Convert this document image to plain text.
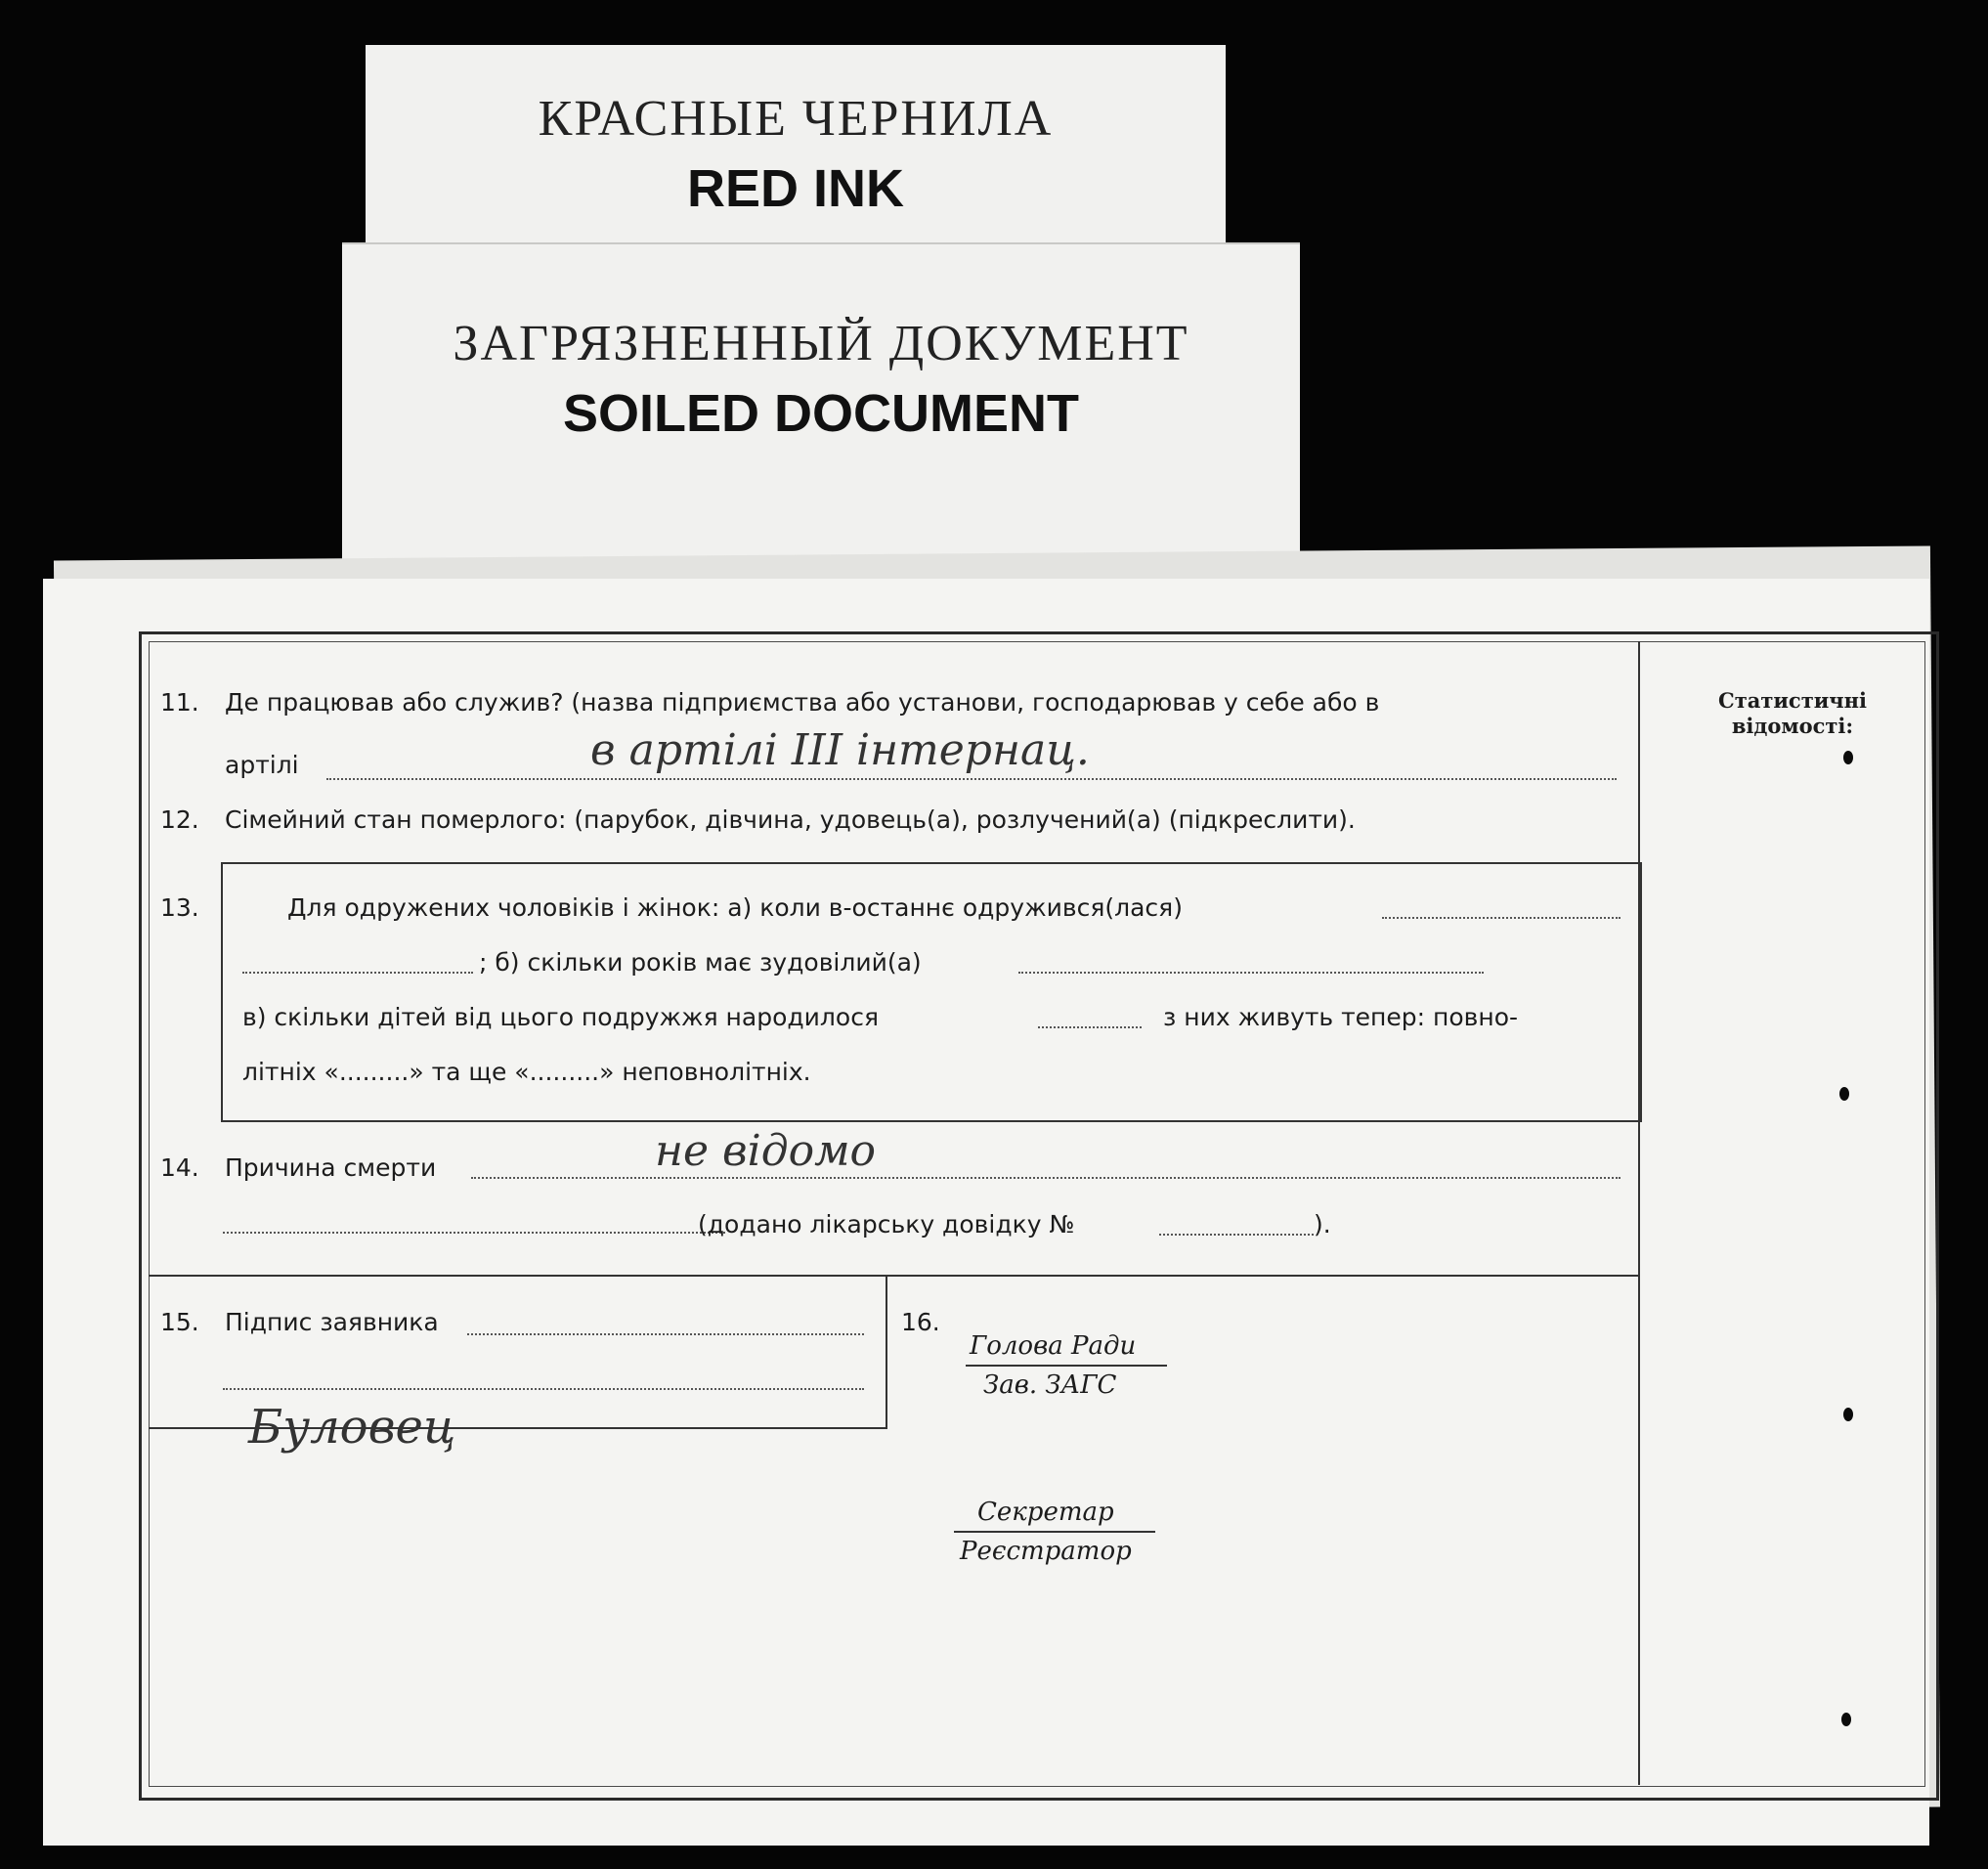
КРАСНЫЕ ЧЕРНИЛА
RED INK
ЗАГРЯЗНЕННЫЙ ДОКУМЕНТ
SOILED DOCUMENT
Статистичні відомості:
11. Де працював або служив? (назва підприємства або установи, господарював у себе або в
артілі	в артілі III інтернац.
12. Сімейний стан померлого: (парубок, дівчина, удовець(а), розлучений(а) (підкреслити).
13.	Для одружених чоловіків і жінок: а) коли в-останнє одружився(лася)
; б) скільки років має зудовілий(а)
в) скільки дітей від цього подружжя народилося	з них живуть тепер: повно-
літніх «.........» та ще «.........» неповнолітніх.
14. Причина смерти	не відомо
(додано лікарську довідку №	).
15. Підпис заявника
Буловец
16.
Голова Ради
Зав. ЗАГС
Секретар
Реєстратор
